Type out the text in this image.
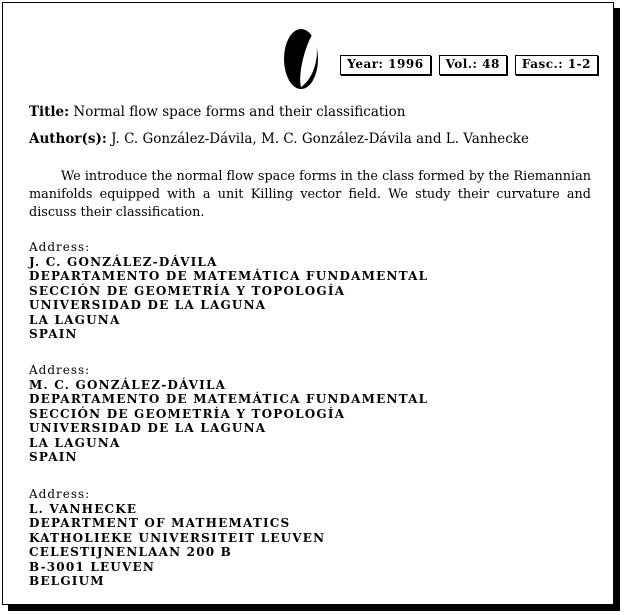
Year: 1996	Vol.: 48	Fasc.: 1-2
Title: Normal flow space forms and their classification
Author(s): J. C. González-Dávila, M. C. González-Dávila and L. Vanhecke
We introduce the normal flow space forms in the class formed by the Riemannian manifolds equipped with a unit Killing vector field. We study their curvature and discuss their classification.
Address:
J. C. GONZÁLEZ-DÁVILA
DEPARTAMENTO DE MATEMÁTICA FUNDAMENTAL
SECCIÓN DE GEOMETRÍA Y TOPOLOGÍA
UNIVERSIDAD DE LA LAGUNA
LA LAGUNA
SPAIN
Address:
M. C. GONZÁLEZ-DÁVILA
DEPARTAMENTO DE MATEMÁTICA FUNDAMENTAL
SECCIÓN DE GEOMETRÍA Y TOPOLOGÍA
UNIVERSIDAD DE LA LAGUNA
LA LAGUNA
SPAIN
Address:
L. VANHECKE
DEPARTMENT OF MATHEMATICS
KATHOLIEKE UNIVERSITEIT LEUVEN
CELESTIJNENLAAN 200 B
B-3001 LEUVEN
BELGIUM
